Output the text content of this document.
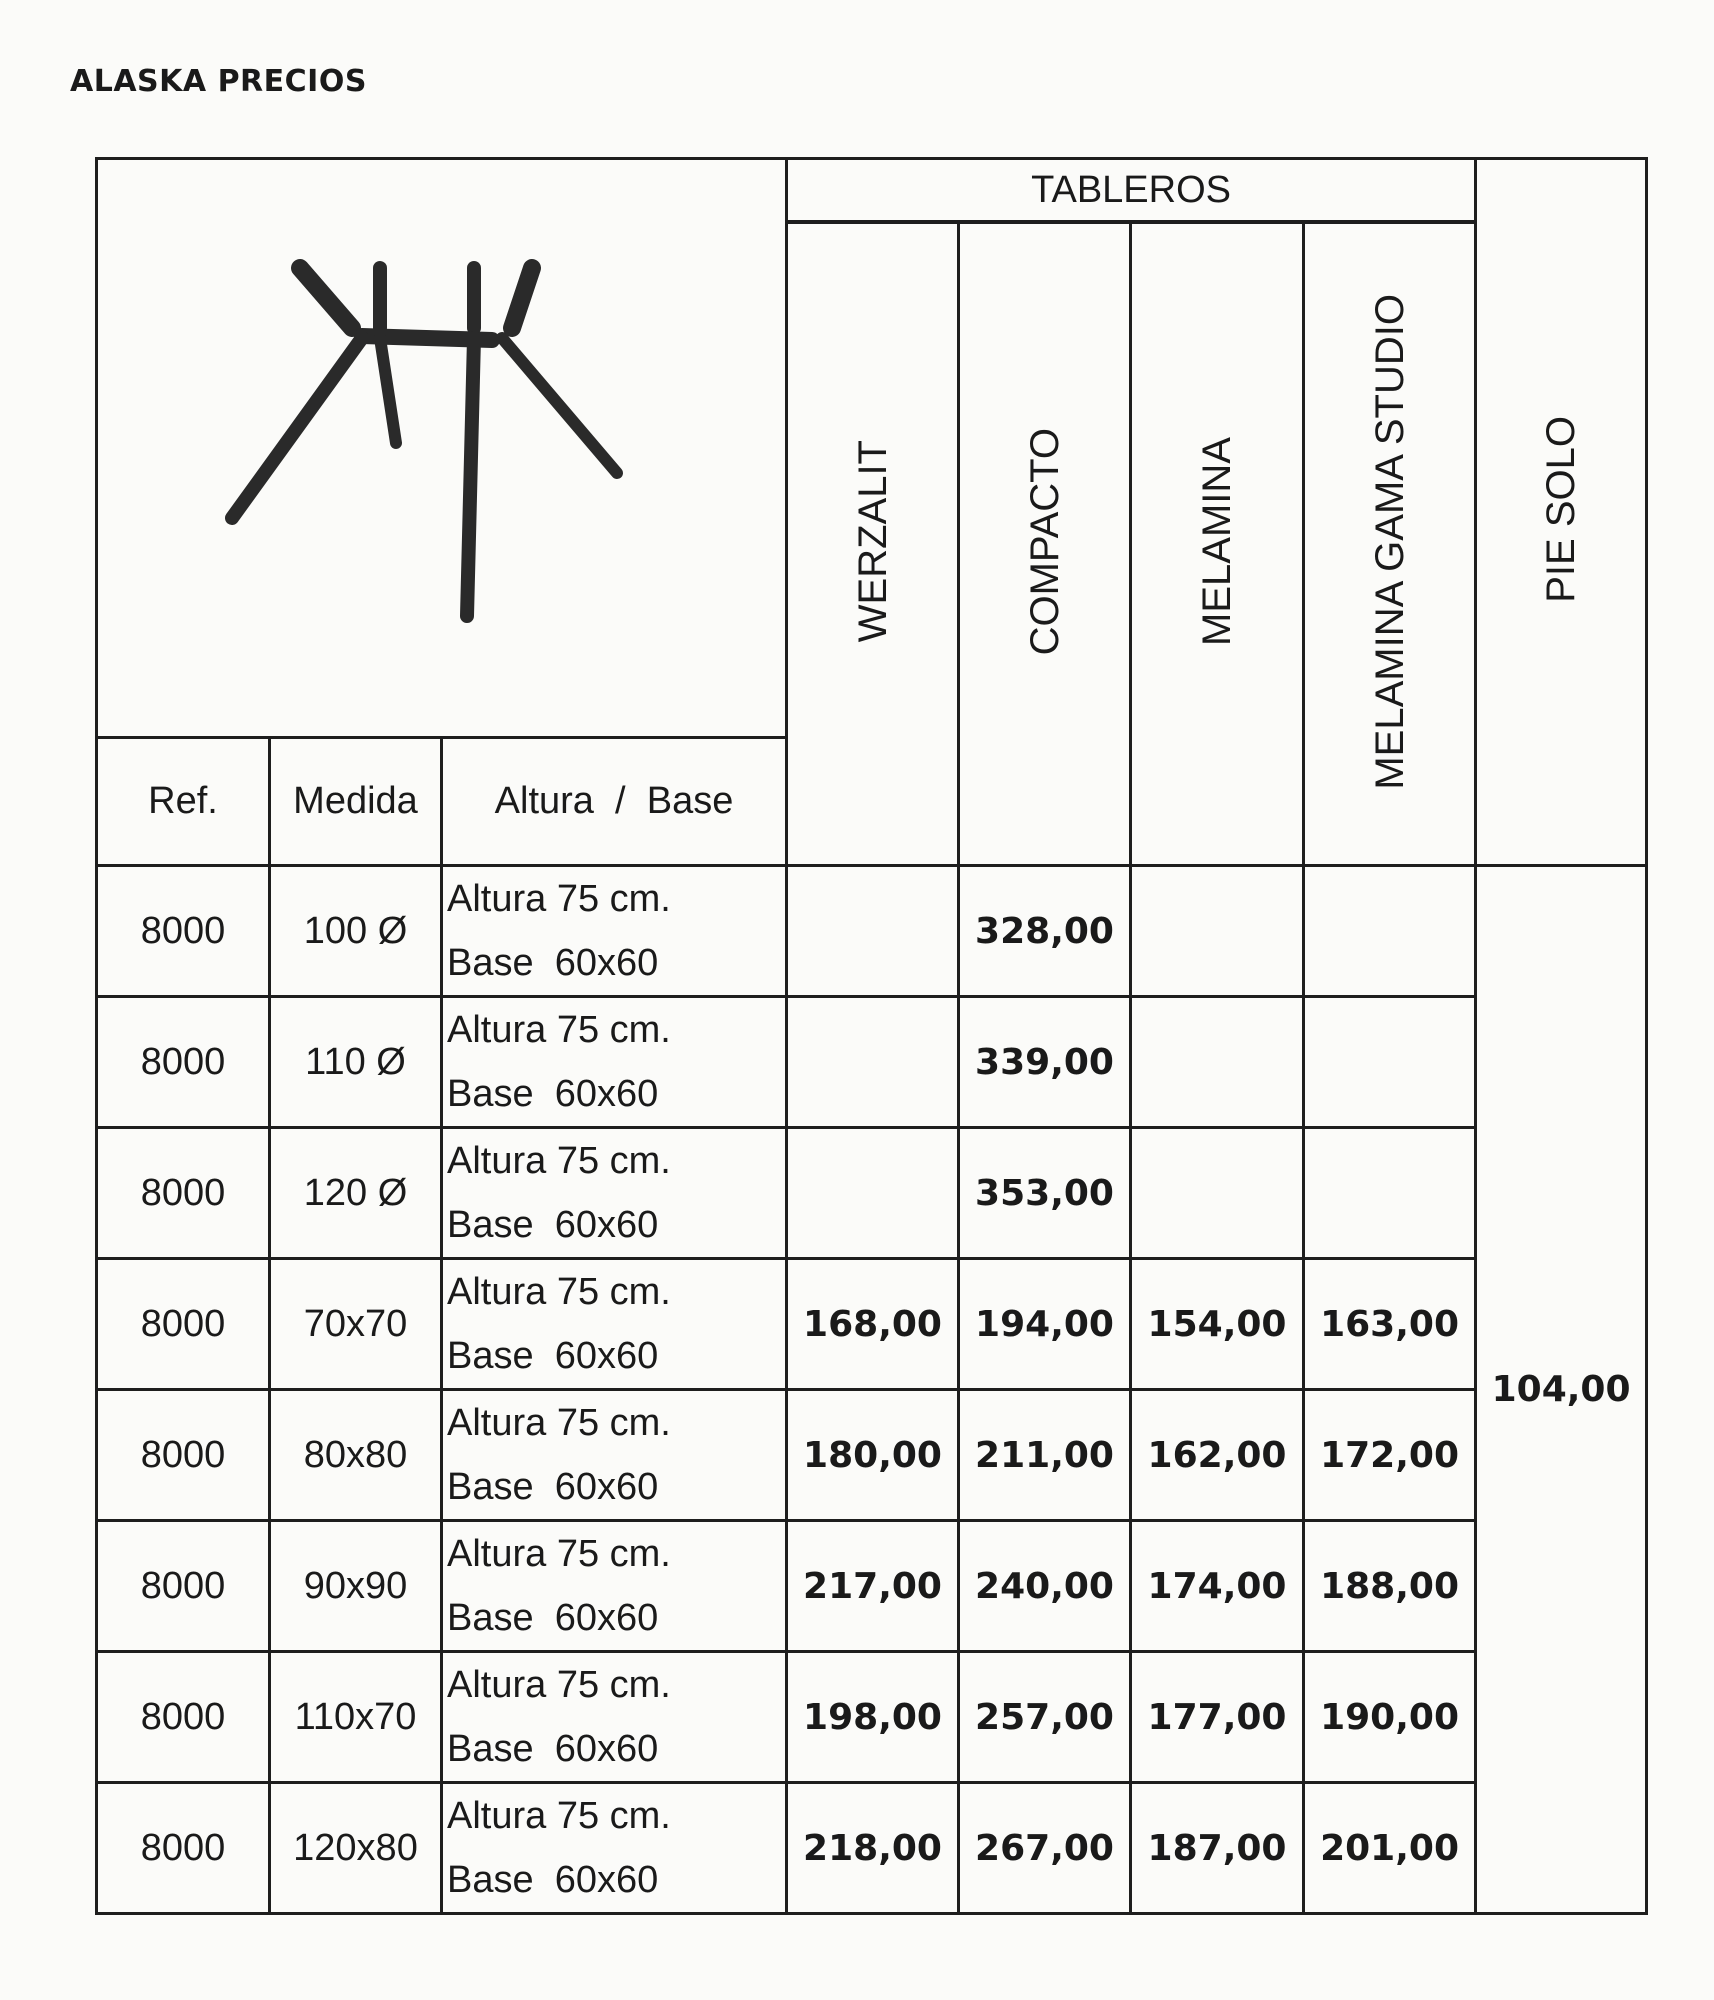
ALASKA PRECIOS
	TABLEROS				PIE SOLO
			WERZALIT	COMPACTO	MELAMINA	MELAMINA GAMA STUDIO	
Ref.	Medida	Altura  /  Base					
8000	100 Ø	Altura 75 cm.
Base  60x60		328,00			104,00
8000	110 Ø	Altura 75 cm.
Base  60x60		339,00			
8000	120 Ø	Altura 75 cm.
Base  60x60		353,00			
8000	70x70	Altura 75 cm.
Base  60x60	168,00	194,00	154,00	163,00	
8000	80x80	Altura 75 cm.
Base  60x60	180,00	211,00	162,00	172,00	
8000	90x90	Altura 75 cm.
Base  60x60	217,00	240,00	174,00	188,00	
8000	110x70	Altura 75 cm.
Base  60x60	198,00	257,00	177,00	190,00	
8000	120x80	Altura 75 cm.
Base  60x60	218,00	267,00	187,00	201,00	
